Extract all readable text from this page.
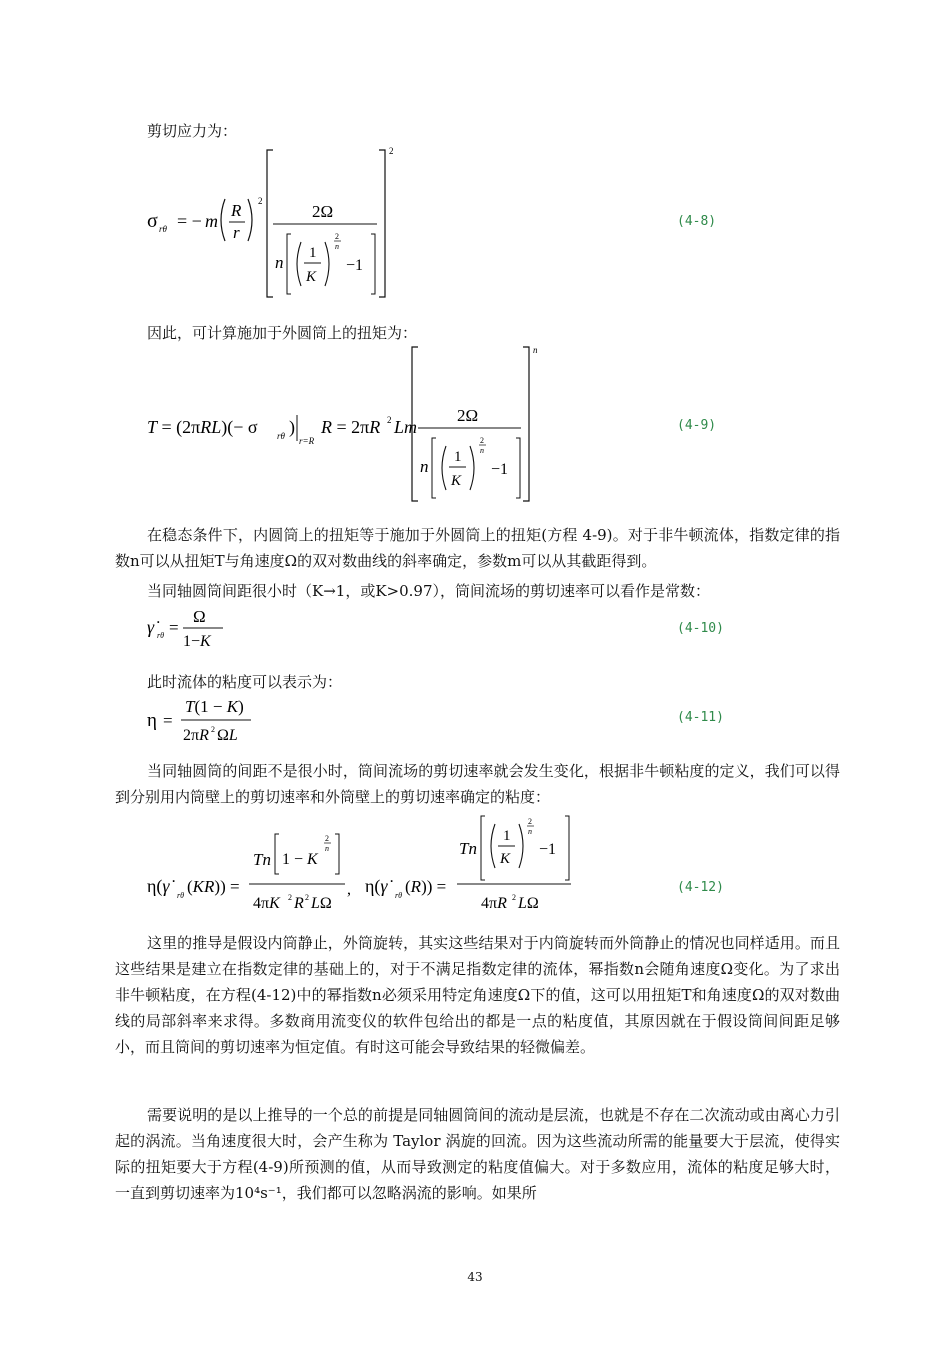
剪切应力为：
σ rθ = − m
R
r
2
2
2Ω
n 1
K
2
n
−1
(4-8)
因此，可计算施加于外圆筒上的扭矩为：
T = (2πRL)(− σ rθ )
r=R
R = 2πR 2 Lm
n
2Ω
n 1
K
2
n
−1
(4-9)

在稳态条件下，内圆筒上的扭矩等于施加于外圆筒上的扭矩(方程 4-9)。对于非牛顿流体，指数定律的指数n可以从扭矩T与角速度Ω的双对数曲线的斜率确定，参数m可以从其截距得到。

当同轴圆筒间距很小时（K→1，或K>0.97），筒间流场的剪切速率可以看作是常数：
γ̇ rθ =
Ω
1−K
(4-10)
此时流体的粘度可以表示为：
η =
T(1 − K)
2πR 2 ΩL
(4-11)

当同轴圆筒的间距不是很小时，筒间流场的剪切速率就会发生变化，根据非牛顿粘度的定义，我们可以得到分别用内筒壁上的剪切速率和外筒壁上的剪切速率确定的粘度：

η(γ̇ rθ (KR)) =
Tn 1 − K
2
n
4πK 2 R 2 LΩ
, η(γ̇ rθ (R)) =
Tn
1
K
2
n
−1
4πR 2 LΩ
(4-12)

这里的推导是假设内筒静止，外筒旋转，其实这些结果对于内筒旋转而外筒静止的情况也同样适用。而且这些结果是建立在指数定律的基础上的，对于不满足指数定律的流体，幂指数n会随角速度Ω变化。为了求出非牛顿粘度，在方程(4-12)中的幂指数n必须采用特定角速度Ω下的值，这可以用扭矩T和角速度Ω的双对数曲线的局部斜率来求得。多数商用流变仪的软件包给出的都是一点的粘度值，其原因就在于假设筒间间距足够小，而且筒间的剪切速率为恒定值。有时这可能会导致结果的轻微偏差。

需要说明的是以上推导的一个总的前提是同轴圆筒间的流动是层流，也就是不存在二次流动或由离心力引起的涡流。当角速度很大时，会产生称为 Taylor 涡旋的回流。因为这些流动所需的能量要大于层流，使得实际的扭矩要大于方程(4-9)所预测的值，从而导致测定的粘度值偏大。对于多数应用，流体的粘度足够大时，一直到剪切速率为10⁴s⁻¹，我们都可以忽略涡流的影响。如果所

43
